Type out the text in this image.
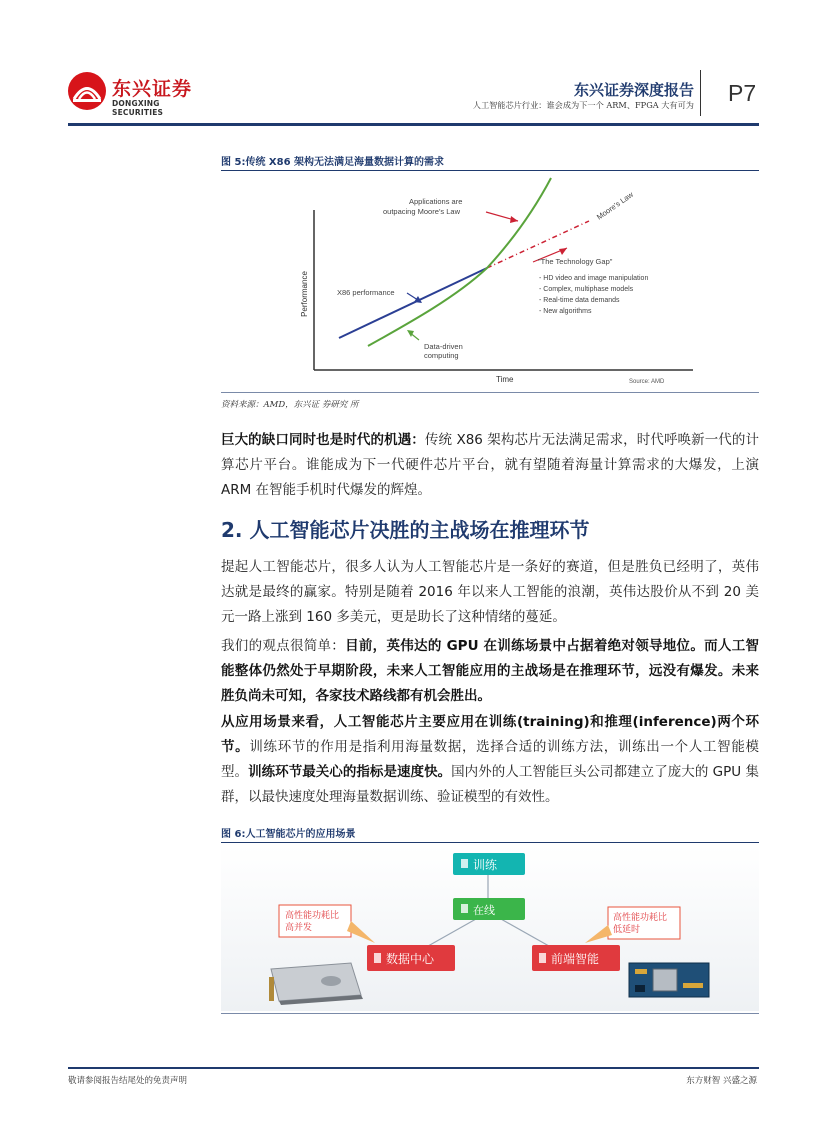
东兴证券
DONGXING SECURITIES
东兴证券深度报告
人工智能芯片行业：谁会成为下一个 ARM、FPGA 大有可为 P7
图 5:传统 X86 架构无法满足海量数据计算的需求
Performance
Time	Source: AMD
Applications are
outpacing Moore’s Law	Moore’s Law
X86 performance
Data-driven
computing
"The Technology Gap"
- HD video and image manipulation
- Complex, multiphase models
- Real-time data demands
- New algorithms
资料来源：AMD，东兴证 券研究 所
巨大的缺口同时也是时代的机遇：传统 X86 架构芯片无法满足需求，时代呼唤新一代的计算芯片平台。谁能成为下一代硬件芯片平台，就有望随着海量计算需求的大爆发，上演 ARM 在智能手机时代爆发的辉煌。
2. 人工智能芯片决胜的主战场在推理环节
提起人工智能芯片，很多人认为人工智能芯片是一条好的赛道，但是胜负已经明了，英伟达就是最终的赢家。特别是随着 2016 年以来人工智能的浪潮，英伟达股价从不到 20 美元一路上涨到 160 多美元，更是助长了这种情绪的蔓延。
我们的观点很简单：目前，英伟达的 GPU 在训练场景中占据着绝对领导地位。而人工智能整体仍然处于早期阶段，未来人工智能应用的主战场是在推理环节，远没有爆发。未来胜负尚未可知，各家技术路线都有机会胜出。
从应用场景来看，人工智能芯片主要应用在训练(training)和推理(inference)两个环节。训练环节的作用是指利用海量数据，选择合适的训练方法，训练出一个人工智能模型。训练环节最关心的指标是速度快。国内外的人工智能巨头公司都建立了庞大的 GPU 集群，以最快速度处理海量数据训练、验证模型的有效性。
图 6:人工智能芯片的应用场景
训练
在线
数据中心	前端智能
高性能功耗比
高并发
高性能功耗比
低延时
敬请参阅报告结尾处的免责声明	东方财智 兴盛之源
